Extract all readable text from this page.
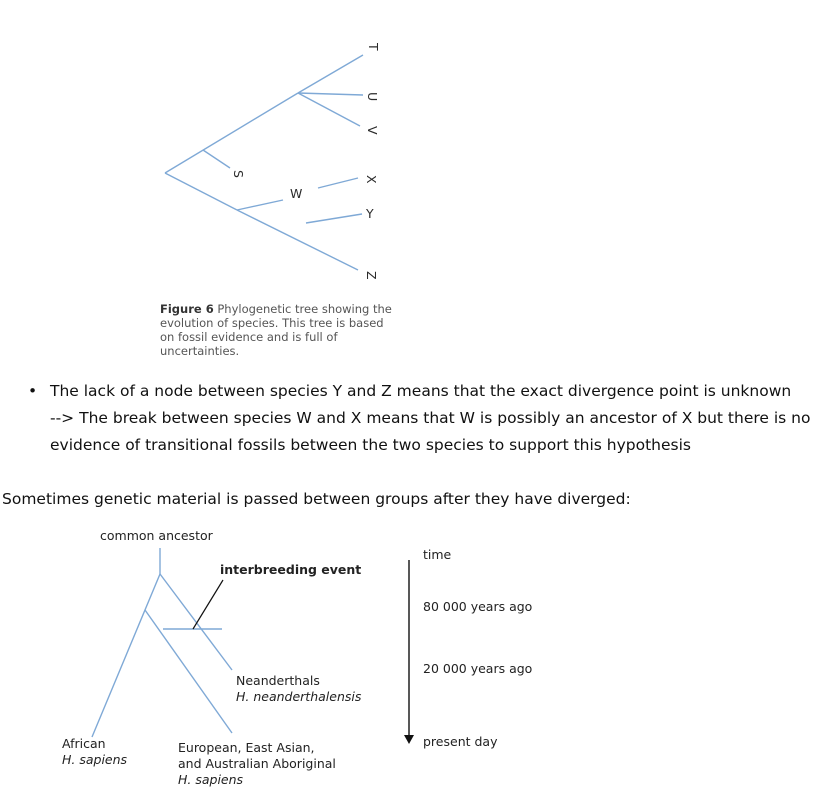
T
U
V
S
W
X
Y
Z
Figure 6 Phylogenetic tree showing the evolution of species. This tree is based on fossil evidence and is full of uncertainties.
• The lack of a node between species Y and Z means that the exact divergence point is unknown
--> The break between species W and X means that W is possibly an ancestor of X but there is no evidence of transitional fossils between the two species to support this hypothesis
Sometimes genetic material is passed between groups after they have diverged:
common ancestor
interbreeding event
Neanderthals
H. neanderthalensis
African
H. sapiens
European, East Asian,
and Australian Aboriginal
H. sapiens
time
80 000 years ago
20 000 years ago
present day
